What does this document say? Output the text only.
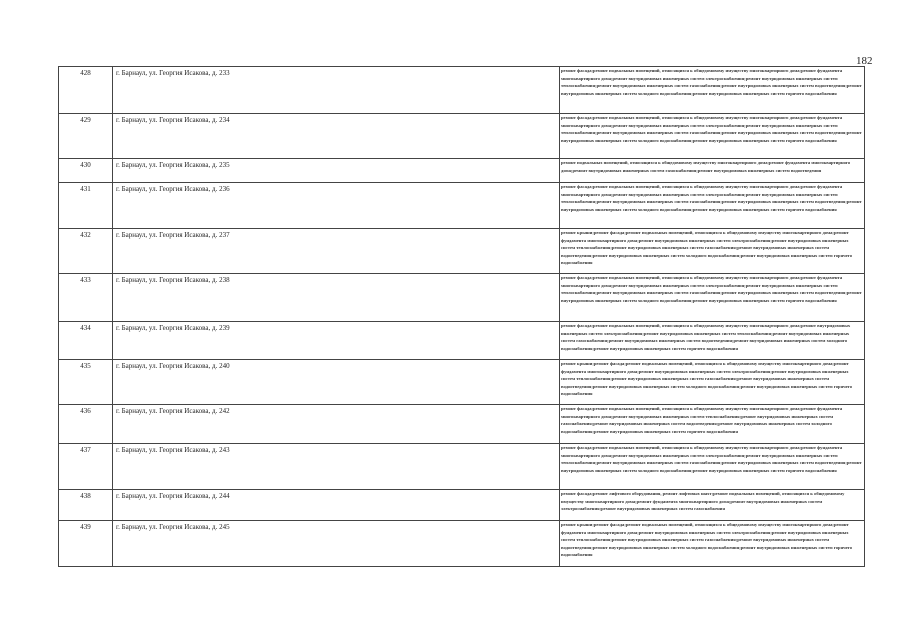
182
428	г. Барнаул, ул. Георгия Исакова, д. 233	ремонт фасада;ремонт подвальных помещений, относящихся к общедомовому имуществу многоквартирного дома;ремонт фундамента многоквартирного дома;ремонт внутридомовых инженерных систем электроснабжения;ремонт внутридомовых инженерных систем теплоснабжения;ремонт внутридомовых инженерных систем газоснабжения;ремонт внутридомовых инженерных систем водоотведения;ремонт внутридомовых инженерных систем холодного водоснабжения;ремонт внутридомовых инженерных систем горячего водоснабжения

429	г. Барнаул, ул. Георгия Исакова, д. 234	ремонт фасада;ремонт подвальных помещений, относящихся к общедомовому имуществу многоквартирного дома;ремонт фундамента многоквартирного дома;ремонт внутридомовых инженерных систем электроснабжения;ремонт внутридомовых инженерных систем теплоснабжения;ремонт внутридомовых инженерных систем газоснабжения;ремонт внутридомовых инженерных систем водоотведения;ремонт внутридомовых инженерных систем холодного водоснабжения;ремонт внутридомовых инженерных систем горячего водоснабжения

430	г. Барнаул, ул. Георгия Исакова, д. 235	ремонт подвальных помещений, относящихся к общедомовому имуществу многоквартирного дома;ремонт фундамента многоквартирного дома;ремонт внутридомовых инженерных систем газоснабжения;ремонт внутридомовых инженерных систем водоотведения

431	г. Барнаул, ул. Георгия Исакова, д. 236	ремонт фасада;ремонт подвальных помещений, относящихся к общедомовому имуществу многоквартирного дома;ремонт фундамента многоквартирного дома;ремонт внутридомовых инженерных систем электроснабжения;ремонт внутридомовых инженерных систем теплоснабжения;ремонт внутридомовых инженерных систем газоснабжения;ремонт внутридомовых инженерных систем водоотведения;ремонт внутридомовых инженерных систем холодного водоснабжения;ремонт внутридомовых инженерных систем горячего водоснабжения

432	г. Барнаул, ул. Георгия Исакова, д. 237	ремонт крыши;ремонт фасада;ремонт подвальных помещений, относящихся к общедомовому имуществу многоквартирного дома;ремонт фундамента многоквартирного дома;ремонт внутридомовых инженерных систем электроснабжения;ремонт внутридомовых инженерных систем теплоснабжения;ремонт внутридомовых инженерных систем газоснабжения;ремонт внутридомовых инженерных систем водоотведения;ремонт внутридомовых инженерных систем холодного водоснабжения;ремонт внутридомовых инженерных систем горячего водоснабжения

433	г. Барнаул, ул. Георгия Исакова, д. 238	ремонт фасада;ремонт подвальных помещений, относящихся к общедомовому имуществу многоквартирного дома;ремонт фундамента многоквартирного дома;ремонт внутридомовых инженерных систем электроснабжения;ремонт внутридомовых инженерных систем теплоснабжения;ремонт внутридомовых инженерных систем газоснабжения;ремонт внутридомовых инженерных систем водоотведения;ремонт внутридомовых инженерных систем холодного водоснабжения;ремонт внутридомовых инженерных систем горячего водоснабжения

434	г. Барнаул, ул. Георгия Исакова, д. 239	ремонт фасада;ремонт подвальных помещений, относящихся к общедомовому имуществу многоквартирного дома;ремонт внутридомовых инженерных систем электроснабжения;ремонт внутридомовых инженерных систем теплоснабжения;ремонт внутридомовых инженерных систем газоснабжения;ремонт внутридомовых инженерных систем водоотведения;ремонт внутридомовых инженерных систем холодного водоснабжения;ремонт внутридомовых инженерных систем горячего водоснабжения

435	г. Барнаул, ул. Георгия Исакова, д. 240	ремонт крыши;ремонт фасада;ремонт подвальных помещений, относящихся к общедомовому имуществу многоквартирного дома;ремонт фундамента многоквартирного дома;ремонт внутридомовых инженерных систем электроснабжения;ремонт внутридомовых инженерных систем теплоснабжения;ремонт внутридомовых инженерных систем газоснабжения;ремонт внутридомовых инженерных систем водоотведения;ремонт внутридомовых инженерных систем холодного водоснабжения;ремонт внутридомовых инженерных систем горячего водоснабжения

436	г. Барнаул, ул. Георгия Исакова, д. 242	ремонт фасада;ремонт подвальных помещений, относящихся к общедомовому имуществу многоквартирного дома;ремонт фундамента многоквартирного дома;ремонт внутридомовых инженерных систем теплоснабжения;ремонт внутридомовых инженерных систем газоснабжения;ремонт внутридомовых инженерных систем водоотведения;ремонт внутридомовых инженерных систем холодного водоснабжения;ремонт внутридомовых инженерных систем горячего водоснабжения

437	г. Барнаул, ул. Георгия Исакова, д. 243	ремонт фасада;ремонт подвальных помещений, относящихся к общедомовому имуществу многоквартирного дома;ремонт фундамента многоквартирного дома;ремонт внутридомовых инженерных систем электроснабжения;ремонт внутридомовых инженерных систем теплоснабжения;ремонт внутридомовых инженерных систем газоснабжения;ремонт внутридомовых инженерных систем водоотведения;ремонт внутридомовых инженерных систем холодного водоснабжения;ремонт внутридомовых инженерных систем горячего водоснабжения

438	г. Барнаул, ул. Георгия Исакова, д. 244	ремонт фасада;ремонт лифтового оборудования, ремонт лифтовых шахт;ремонт подвальных помещений, относящихся к общедомовому имуществу многоквартирного дома;ремонт фундамента многоквартирного дома;ремонт внутридомовых инженерных систем электроснабжения;ремонт внутридомовых инженерных систем газоснабжения

439	г. Барнаул, ул. Георгия Исакова, д. 245	ремонт крыши;ремонт фасада;ремонт подвальных помещений, относящихся к общедомовому имуществу многоквартирного дома;ремонт фундамента многоквартирного дома;ремонт внутридомовых инженерных систем электроснабжения;ремонт внутридомовых инженерных систем теплоснабжения;ремонт внутридомовых инженерных систем газоснабжения;ремонт внутридомовых инженерных систем водоотведения;ремонт внутридомовых инженерных систем холодного водоснабжения;ремонт внутридомовых инженерных систем горячего водоснабжения
